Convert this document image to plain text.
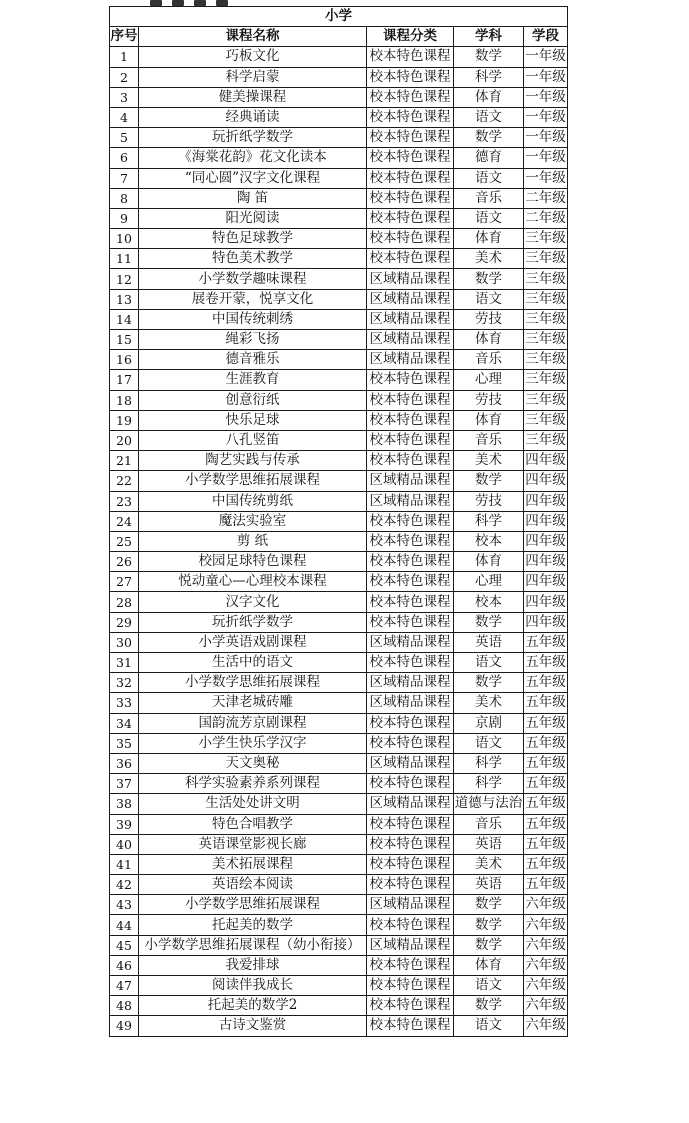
小学				
序号	课程名称	课程分类	学科	学段
1	巧板文化	校本特色课程	数学	一年级
2	科学启蒙	校本特色课程	科学	一年级
3	健美操课程	校本特色课程	体育	一年级
4	经典诵读	校本特色课程	语文	一年级
5	玩折纸学数学	校本特色课程	数学	一年级
6	《海棠花韵》花文化读本	校本特色课程	德育	一年级
7	“同心圆”汉字文化课程	校本特色课程	语文	一年级
8	陶 笛	校本特色课程	音乐	二年级
9	阳光阅读	校本特色课程	语文	二年级
10	特色足球教学	校本特色课程	体育	三年级
11	特色美术教学	校本特色课程	美术	三年级
12	小学数学趣味课程	区域精品课程	数学	三年级
13	展卷开蒙，悦享文化	区域精品课程	语文	三年级
14	中国传统刺绣	区域精品课程	劳技	三年级
15	绳彩飞扬	区域精品课程	体育	三年级
16	德音雅乐	区域精品课程	音乐	三年级
17	生涯教育	校本特色课程	心理	三年级
18	创意衍纸	校本特色课程	劳技	三年级
19	快乐足球	校本特色课程	体育	三年级
20	八孔竖笛	校本特色课程	音乐	三年级
21	陶艺实践与传承	校本特色课程	美术	四年级
22	小学数学思维拓展课程	区域精品课程	数学	四年级
23	中国传统剪纸	区域精品课程	劳技	四年级
24	魔法实验室	校本特色课程	科学	四年级
25	剪 纸	校本特色课程	校本	四年级
26	校园足球特色课程	校本特色课程	体育	四年级
27	悦动童心—心理校本课程	校本特色课程	心理	四年级
28	汉字文化	校本特色课程	校本	四年级
29	玩折纸学数学	校本特色课程	数学	四年级
30	小学英语戏剧课程	区域精品课程	英语	五年级
31	生活中的语文	校本特色课程	语文	五年级
32	小学数学思维拓展课程	区域精品课程	数学	五年级
33	天津老城砖雕	区域精品课程	美术	五年级
34	国韵流芳京剧课程	校本特色课程	京剧	五年级
35	小学生快乐学汉字	校本特色课程	语文	五年级
36	天文奥秘	区域精品课程	科学	五年级
37	科学实验素养系列课程	校本特色课程	科学	五年级
38	生活处处讲文明	区域精品课程	道德与法治	五年级
39	特色合唱教学	校本特色课程	音乐	五年级
40	英语课堂影视长廊	校本特色课程	英语	五年级
41	美术拓展课程	校本特色课程	美术	五年级
42	英语绘本阅读	校本特色课程	英语	五年级
43	小学数学思维拓展课程	区域精品课程	数学	六年级
44	托起美的数学	校本特色课程	数学	六年级
45	小学数学思维拓展课程（幼小衔接）	区域精品课程	数学	六年级
46	我爱排球	校本特色课程	体育	六年级
47	阅读伴我成长	校本特色课程	语文	六年级
48	托起美的数学2	校本特色课程	数学	六年级
49	古诗文鉴赏	校本特色课程	语文	六年级
